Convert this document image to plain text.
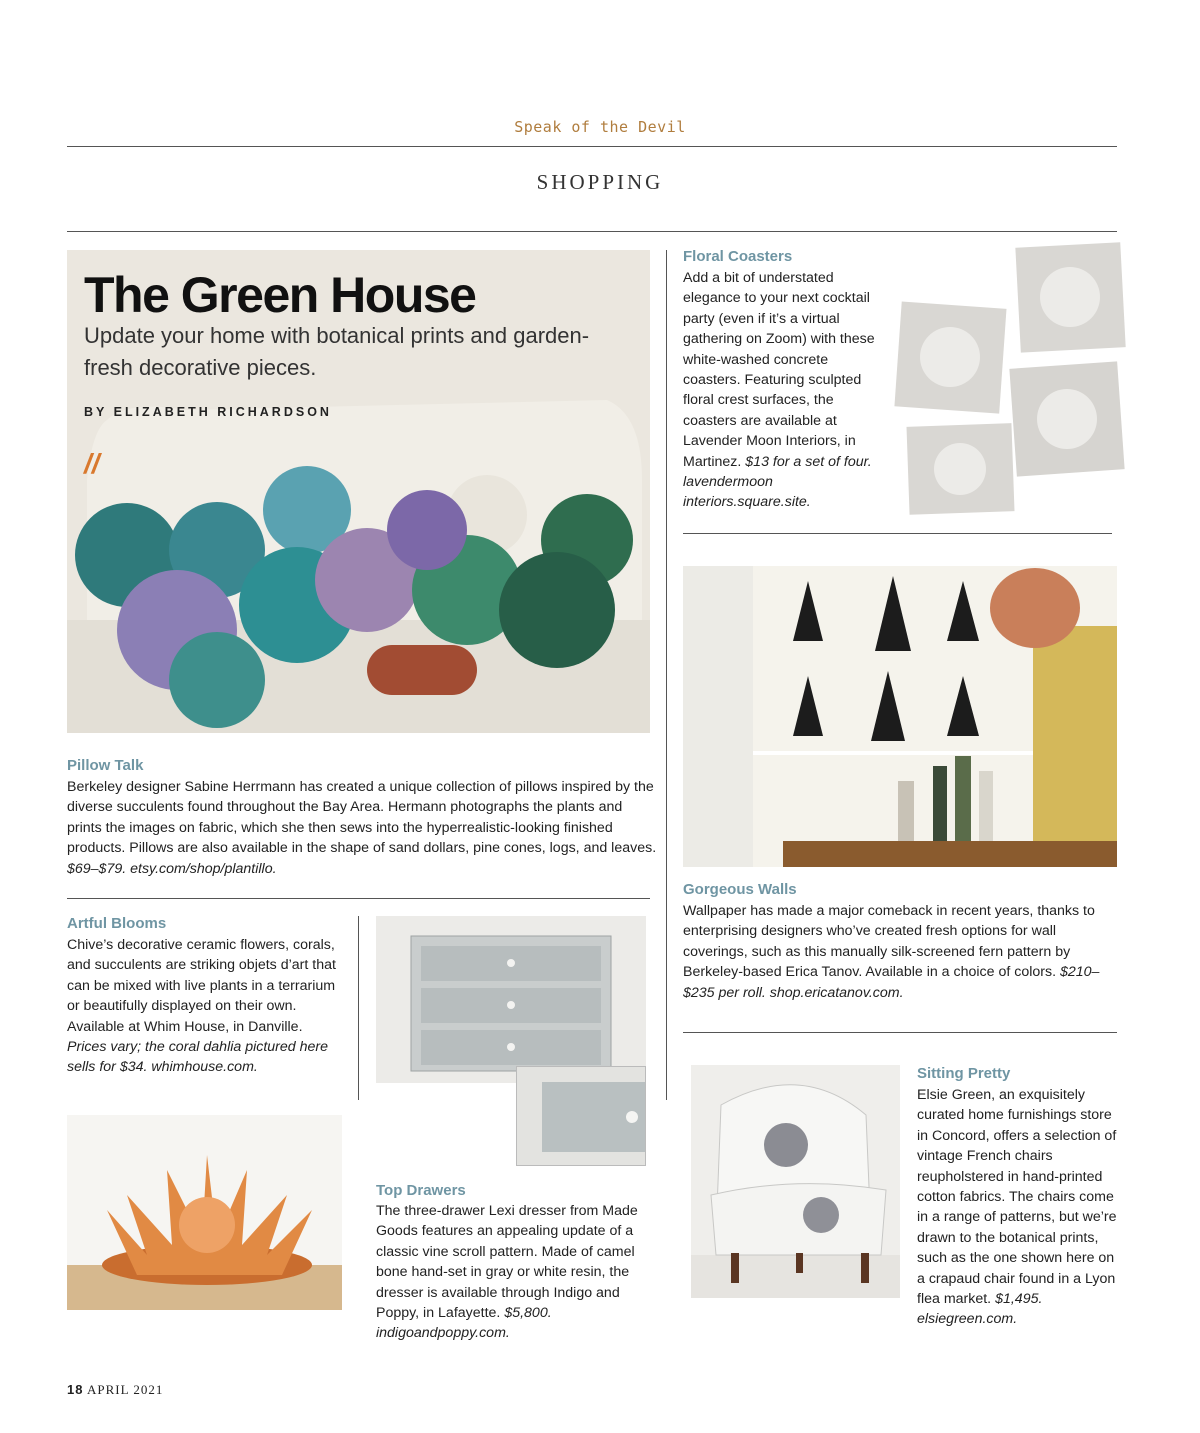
Speak of the Devil
SHOPPING
The Green House
Update your home with botanical prints and garden-fresh decorative pieces.
BY ELIZABETH RICHARDSON
//
Pillow Talk
Berkeley designer Sabine Herrmann has created a unique collection of pillows inspired by the diverse succulents found throughout the Bay Area. Hermann photographs the plants and prints the images on fabric, which she then sews into the hyperrealistic-looking finished products. Pillows are also available in the shape of sand dollars, pine cones, logs, and leaves. $69–$79. etsy.com/shop/plantillo.
Artful Blooms
Chive’s decorative ceramic flowers, corals, and succulents are striking objets d’art that can be mixed with live plants in a terrarium or beautifully displayed on their own. Available at Whim House, in Danville. Prices vary; the coral dahlia pictured here sells for $34. whimhouse.com.
Top Drawers
The three-drawer Lexi dresser from Made Goods features an appealing update of a classic vine scroll pattern. Made of camel bone hand-set in gray or white resin, the dresser is available through Indigo and Poppy, in Lafayette. $5,800. indigoandpoppy.com.
Floral Coasters
Add a bit of understated elegance to your next cocktail party (even if it’s a virtual gathering on Zoom) with these white-washed concrete coasters. Featuring sculpted floral crest surfaces, the coasters are available at Lavender Moon Interiors, in Martinez. $13 for a set of four. lavendermoon interiors.square.site.
Gorgeous Walls
Wallpaper has made a major comeback in recent years, thanks to enterprising designers who’ve created fresh options for wall coverings, such as this manually silk-screened fern pattern by Berkeley-based Erica Tanov. Available in a choice of colors. $210–$235 per roll. shop.ericatanov.com.
Sitting Pretty
Elsie Green, an exquisitely curated home furnishings store in Concord, offers a selection of vintage French chairs reupholstered in hand-printed cotton fabrics. The chairs come in a range of patterns, but we’re drawn to the botanical prints, such as the one shown here on a crapaud chair found in a Lyon flea market. $1,495. elsiegreen.com.
18 APRIL 2021
